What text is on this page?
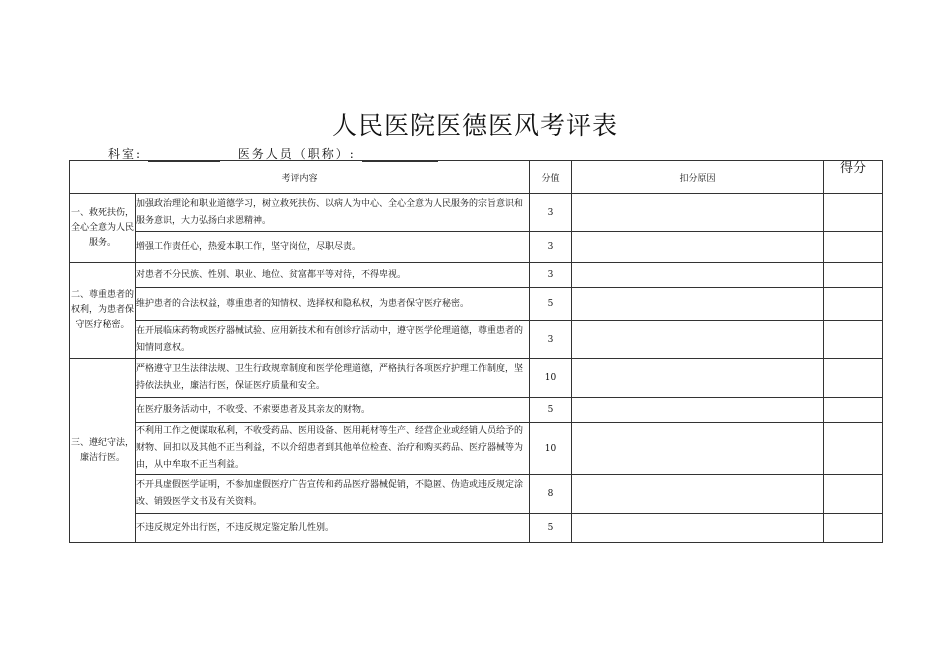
人民医院医德医风考评表
科室:	医务人员（职称）:
考评内容		分值	扣分原因	得分
一、救死扶伤，全心全意为人民服务。	加强政治理论和职业道德学习，树立救死扶伤、以病人为中心、全心全意为人民服务的宗旨意识和服务意识，大力弘扬白求恩精神。	3		

	增强工作责任心，热爱本职工作，坚守岗位，尽职尽责。	3		
二、尊重患者的权利，为患者保守医疗秘密。	对患者不分民族、性别、职业、地位、贫富都平等对待，不得卑视。	3		

	维护患者的合法权益，尊重患者的知情权、选择权和隐私权，为患者保守医疗秘密。	5		

	在开展临床药物或医疗器械试验、应用新技术和有创诊疗活动中，遵守医学伦理道德，尊重患者的知情同意权。	3		
三、遵纪守法，廉洁行医。	严格遵守卫生法律法规、卫生行政规章制度和医学伦理道德，严格执行各项医疗护理工作制度，坚持依法执业，廉洁行医，保证医疗质量和安全。	10		

	在医疗服务活动中，不收受、不索要患者及其亲友的财物。	5		

	不利用工作之便谋取私利，不收受药品、医用设备、医用耗材等生产、经营企业或经销人员给予的财物、回扣以及其他不正当利益，不以介绍患者到其他单位检查、治疗和购买药品、医疗器械等为由，从中牟取不正当利益。	10		

	不开具虚假医学证明，不参加虚假医疗广告宣传和药品医疗器械促销，不隐匿、伪造或违反规定涂改、销毁医学文书及有关资料。	8		

	不违反规定外出行医，不违反规定鉴定胎儿性别。	5		
